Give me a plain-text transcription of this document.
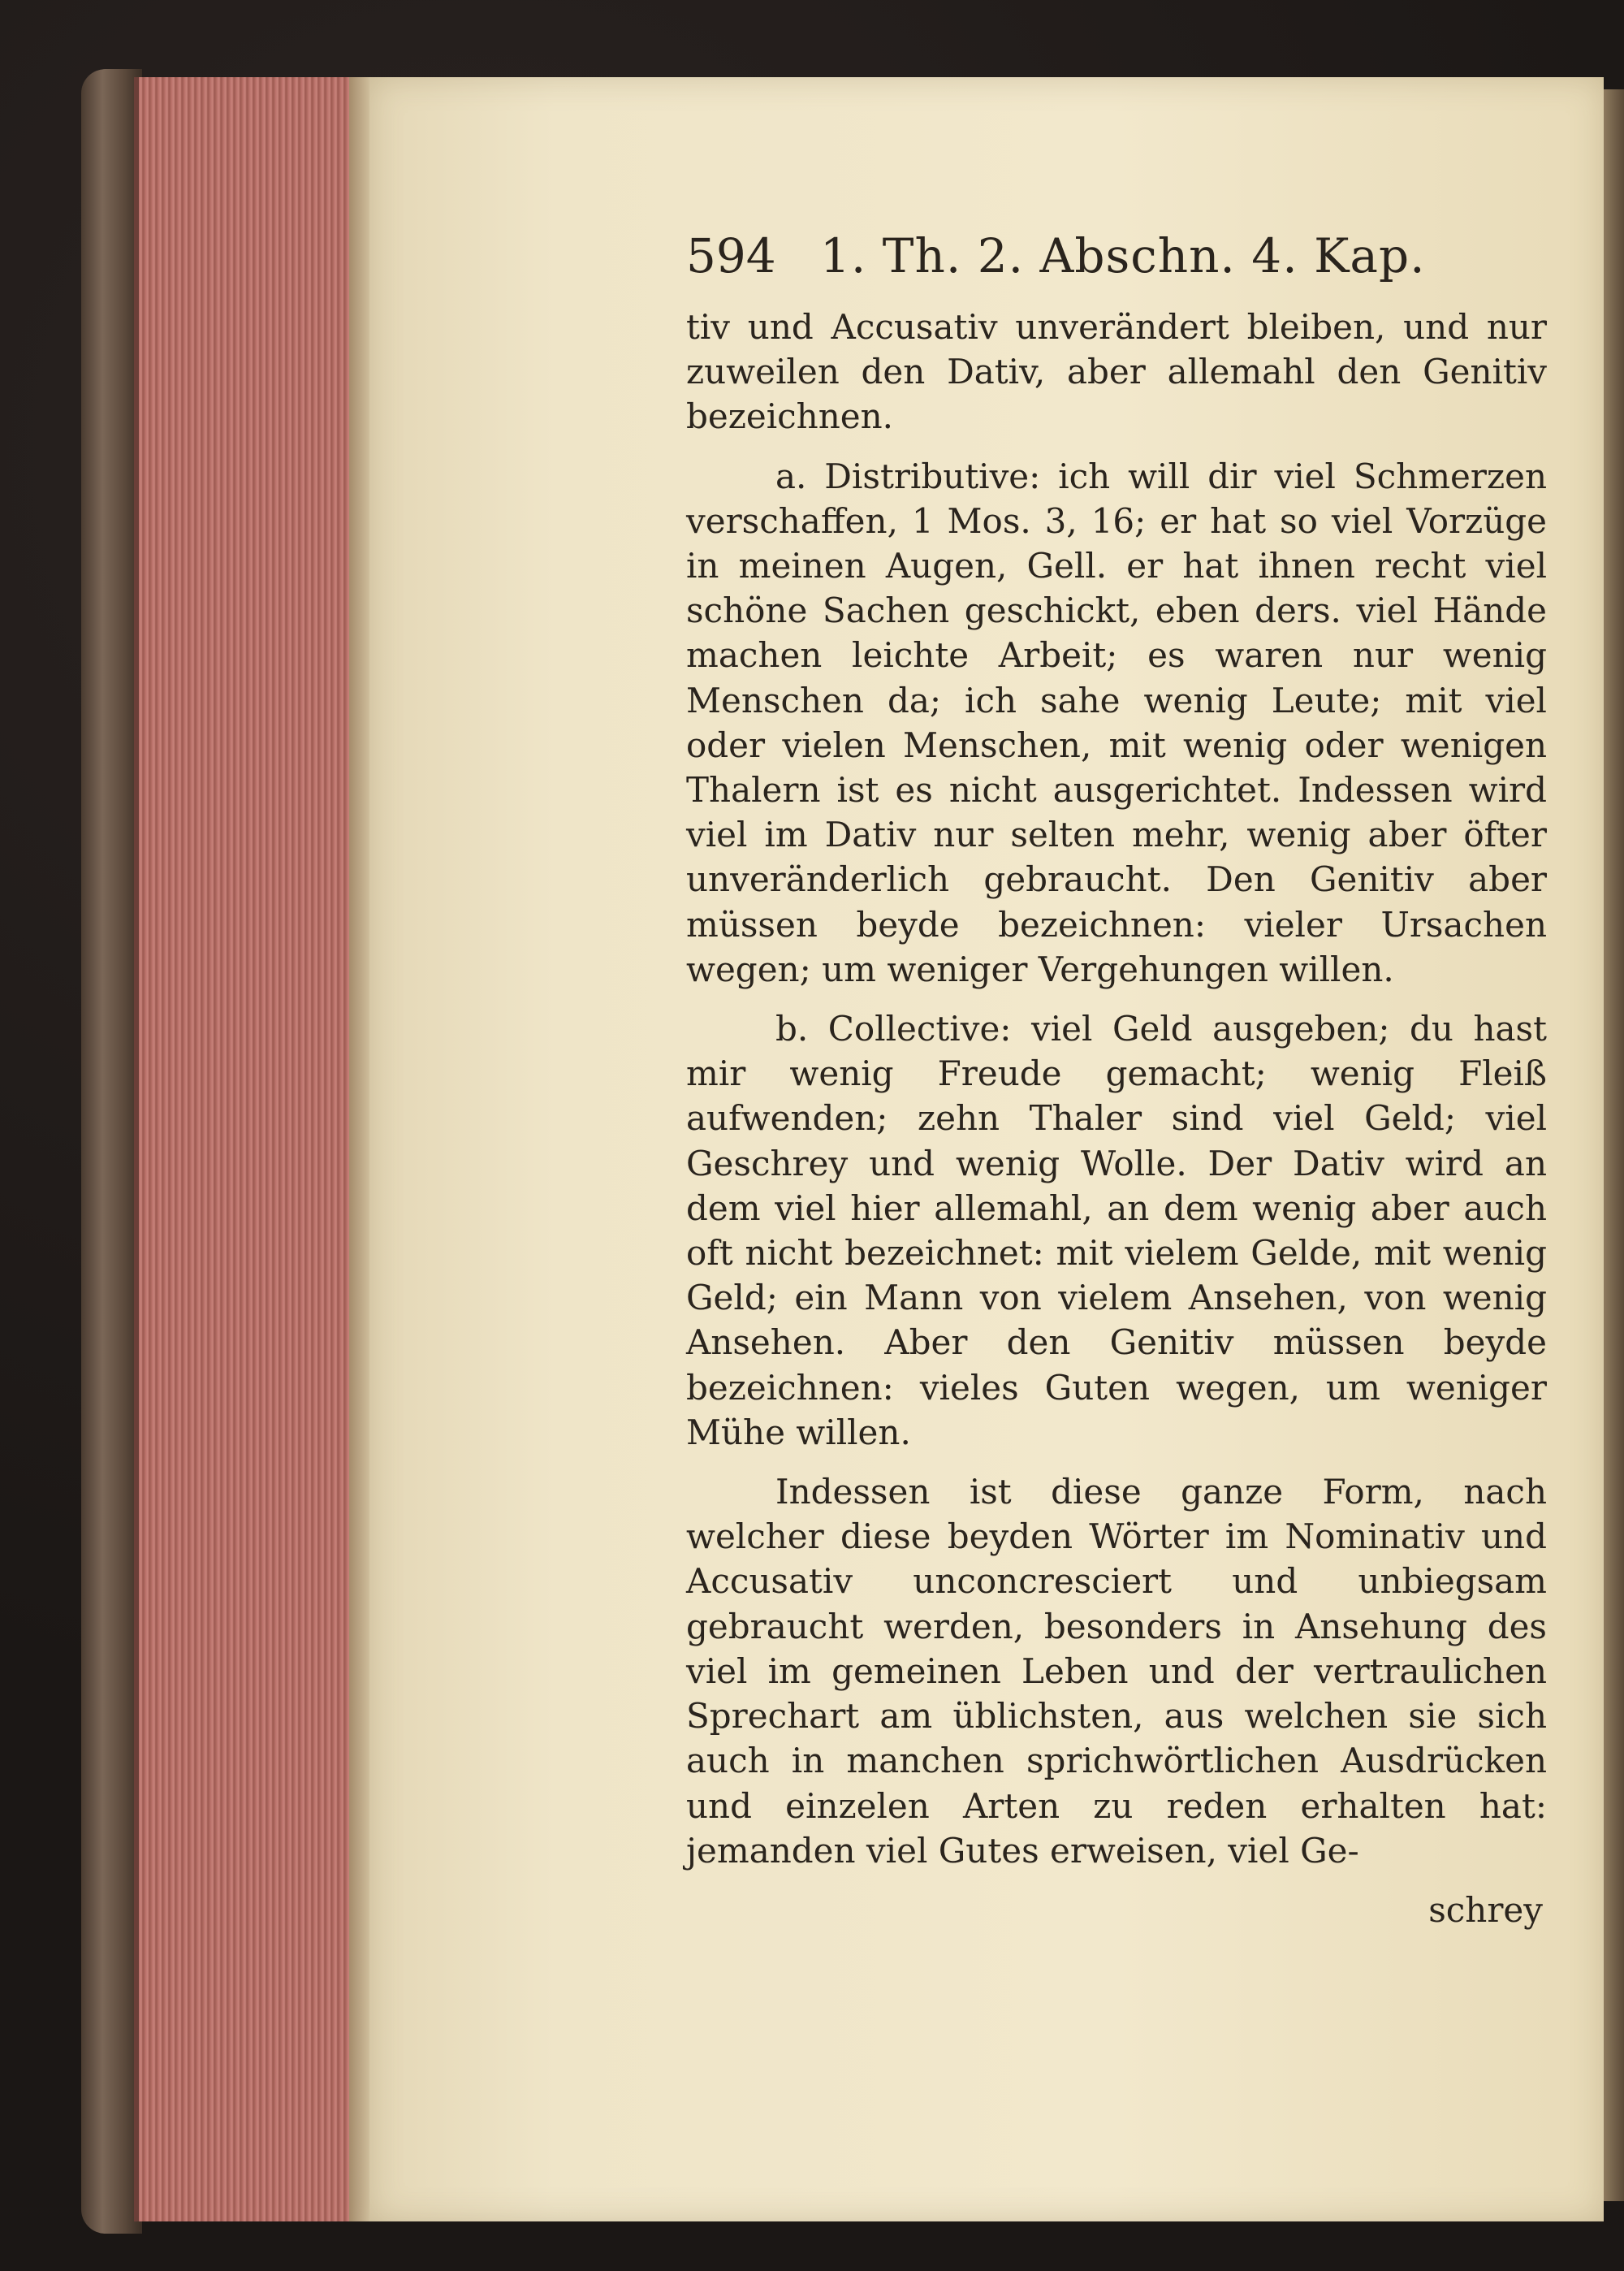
594 1. Th. 2. Abschn. 4. Kap.

tiv und Accusativ unverändert bleiben, und nur zuweilen den Dativ, aber allemahl den Genitiv bezeichnen.

a. Distributive: ich will dir viel Schmerzen verschaffen, 1 Mos. 3, 16; er hat so viel Vorzüge in meinen Augen, Gell. er hat ihnen recht viel schöne Sachen geschickt, eben ders. viel Hände machen leichte Arbeit; es waren nur wenig Menschen da; ich sahe wenig Leute; mit viel oder vielen Menschen, mit wenig oder wenigen Thalern ist es nicht ausgerichtet. Indessen wird viel im Dativ nur selten mehr, wenig aber öfter unveränderlich gebraucht. Den Genitiv aber müssen beyde bezeichnen: vieler Ursachen wegen; um weniger Vergehungen willen.

b. Collective: viel Geld ausgeben; du hast mir wenig Freude gemacht; wenig Fleiß aufwenden; zehn Thaler sind viel Geld; viel Geschrey und wenig Wolle. Der Dativ wird an dem viel hier allemahl, an dem wenig aber auch oft nicht bezeichnet: mit vielem Gelde, mit wenig Geld; ein Mann von vielem Ansehen, von wenig Ansehen. Aber den Genitiv müssen beyde bezeichnen: vieles Guten wegen, um weniger Mühe willen.

Indessen ist diese ganze Form, nach welcher diese beyden Wörter im Nominativ und Accusativ unconcresciert und unbiegsam gebraucht werden, besonders in Ansehung des viel im gemeinen Leben und der vertraulichen Sprechart am üblichsten, aus welchen sie sich auch in manchen sprichwörtlichen Ausdrücken und einzelen Arten zu reden erhalten hat: jemanden viel Gutes erweisen, viel Ge-

schrey
